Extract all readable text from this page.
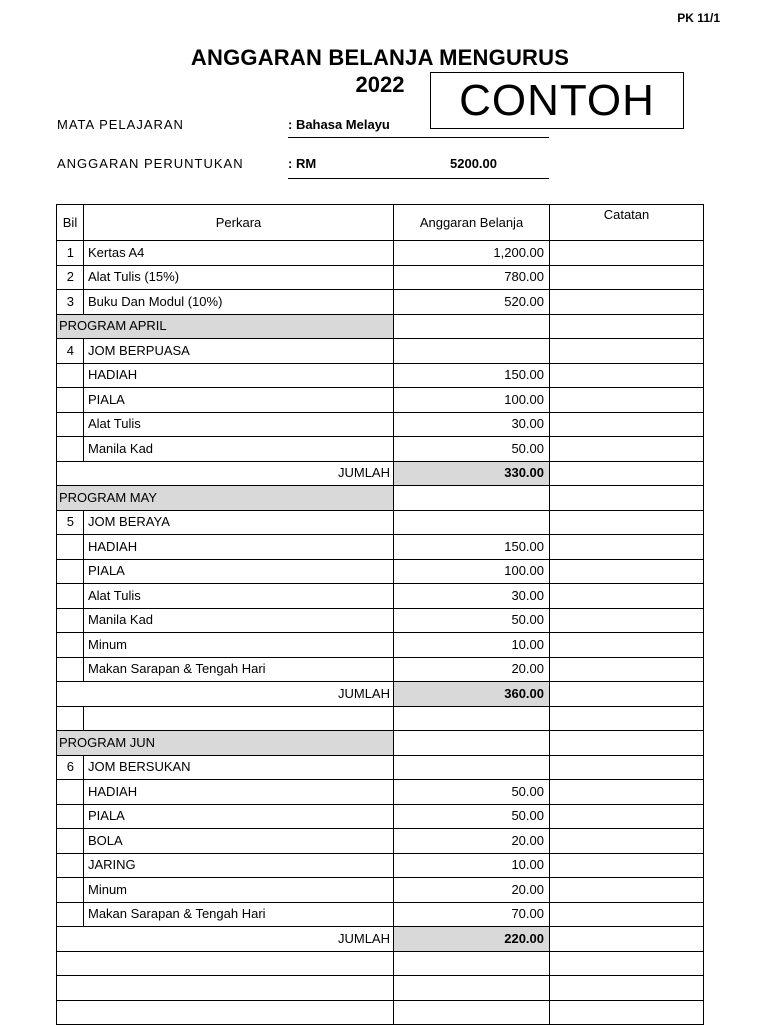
PK 11/1
ANGGARAN BELANJA MENGURUS
2022	CONTOH
MATA PELAJARAN	: Bahasa Melayu
ANGGARAN PERUNTUKAN	: RM	5200.00
Bil	Perkara	Anggaran Belanja	Catatan
1	Kertas A4	1,200.00	
2	Alat Tulis (15%)	780.00	
3	Buku Dan Modul (10%)	520.00	
PROGRAM APRIL			
4	JOM BERPUASA		
	HADIAH	150.00	
	PIALA	100.00	
	Alat Tulis	30.00	
	Manila Kad	50.00	
JUMLAH		330.00	
PROGRAM MAY			
5	JOM BERAYA		
	HADIAH	150.00	
	PIALA	100.00	
	Alat Tulis	30.00	
	Manila Kad	50.00	
	Minum	10.00	
	Makan Sarapan & Tengah Hari	20.00	
JUMLAH		360.00	

PROGRAM JUN			
6	JOM BERSUKAN		
	HADIAH	50.00	
	PIALA	50.00	
	BOLA	20.00	
	JARING	10.00	
	Minum	20.00	
	Makan Sarapan & Tengah Hari	70.00	
JUMLAH		220.00	
